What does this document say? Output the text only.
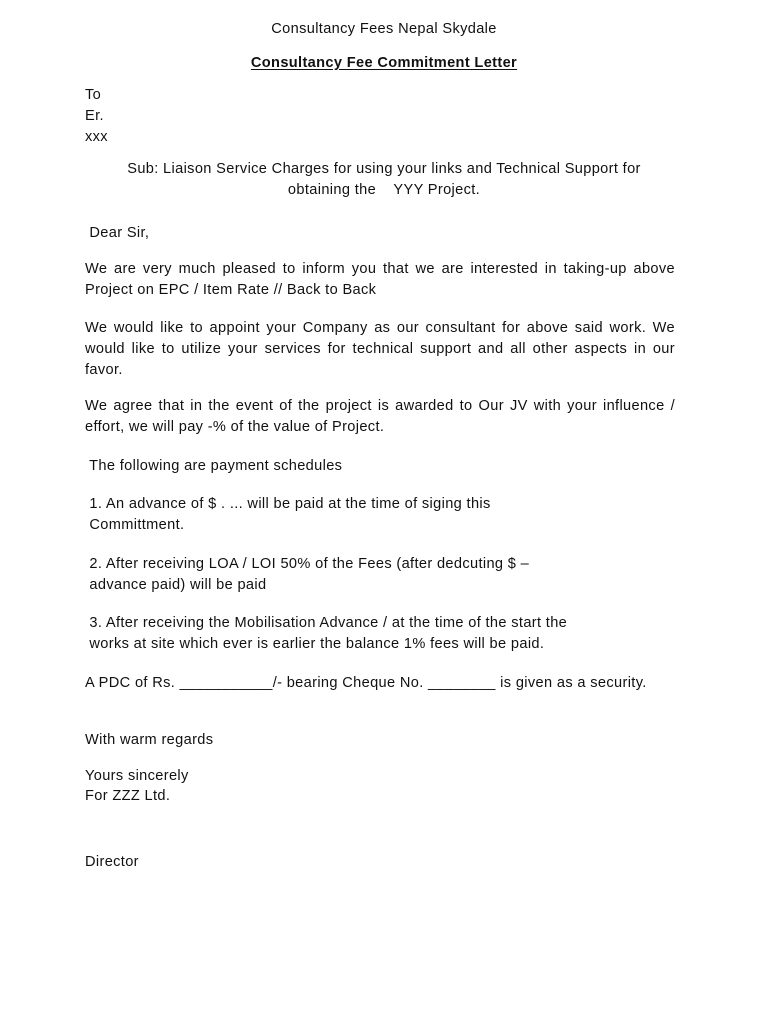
Consultancy Fees Nepal Skydale

Consultancy Fee Commitment Letter

To

Er.

xxx

Sub: Liaison Service Charges for using your links and Technical Support for

obtaining the    YYY Project.

Dear Sir,

We are very much pleased to inform you that we are interested in taking-up above Project on EPC / Item Rate // Back to Back

We would like to appoint your Company as our consultant for above said work. We would like to utilize your services for technical support and all other aspects in our favor.

We agree that in the event of the project is awarded to Our JV with your influence / effort, we will pay -% of the value of Project.

The following are payment schedules

1. An advance of $ . ... will be paid at the time of siging this

Committment.

2. After receiving LOA / LOI 50% of the Fees (after dedcuting $ –

advance paid) will be paid

3. After receiving the Mobilisation Advance / at the time of the start the

works at site which ever is earlier the balance 1% fees will be paid.

A PDC of Rs. ___________/- bearing Cheque No. ________ is given as a security.

With warm regards

Yours sincerely

For ZZZ Ltd.

Director
